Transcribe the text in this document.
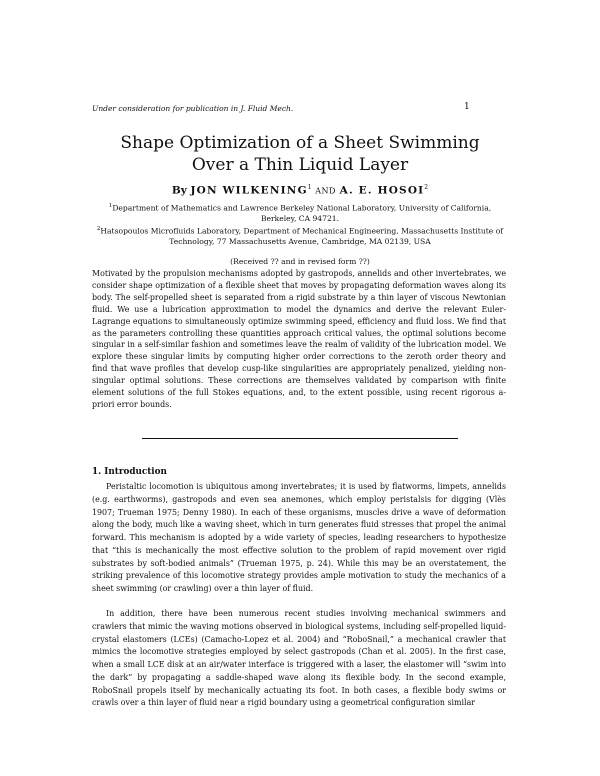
Under consideration for publication in J. Fluid Mech.	1
Shape Optimization of a Sheet Swimming
Over a Thin Liquid Layer
By JON WILKENING$^1$ AND A. E. HOSOI$^2$
$^1$Department of Mathematics and Lawrence Berkeley National Laboratory, University of California, Berkeley, CA 94721.
$^2$Hatsopoulos Microfluids Laboratory, Department of Mechanical Engineering, Massachusetts Institute of Technology, 77 Massachusetts Avenue, Cambridge, MA 02139, USA
(Received ?? and in revised form ??)

Motivated by the propulsion mechanisms adopted by gastropods, annelids and other invertebrates, we consider shape optimization of a flexible sheet that moves by propagating deformation waves along its body. The self-propelled sheet is separated from a rigid substrate by a thin layer of viscous Newtonian fluid. We use a lubrication approximation to model the dynamics and derive the relevant Euler-Lagrange equations to simultaneously optimize swimming speed, efficiency and fluid loss. We find that as the parameters controlling these quantities approach critical values, the optimal solutions become singular in a self-similar fashion and sometimes leave the realm of validity of the lubrication model. We explore these singular limits by computing higher order corrections to the zeroth order theory and find that wave profiles that develop cusp-like singularities are appropriately penalized, yielding non-singular optimal solutions. These corrections are themselves validated by comparison with finite element solutions of the full Stokes equations, and, to the extent possible, using recent rigorous a-priori error bounds.

1. Introduction

Peristaltic locomotion is ubiquitous among invertebrates; it is used by flatworms, limpets, annelids (e.g. earthworms), gastropods and even sea anemones, which employ peristalsis for digging (Vlès 1907; Trueman 1975; Denny 1980). In each of these organisms, muscles drive a wave of deformation along the body, much like a waving sheet, which in turn generates fluid stresses that propel the animal forward. This mechanism is adopted by a wide variety of species, leading researchers to hypothesize that “this is mechanically the most effective solution to the problem of rapid movement over rigid substrates by soft-bodied animals” (Trueman 1975, p. 24). While this may be an overstatement, the striking prevalence of this locomotive strategy provides ample motivation to study the mechanics of a sheet swimming (or crawling) over a thin layer of fluid.

In addition, there have been numerous recent studies involving mechanical swimmers and crawlers that mimic the waving motions observed in biological systems, including self-propelled liquid-crystal elastomers (LCEs) (Camacho-Lopez et al. 2004) and “RoboSnail,” a mechanical crawler that mimics the locomotive strategies employed by select gastropods (Chan et al. 2005). In the first case, when a small LCE disk at an air/water interface is triggered with a laser, the elastomer will “swim into the dark” by propagating a saddle-shaped wave along its flexible body. In the second example, RoboSnail propels itself by mechanically actuating its foot. In both cases, a flexible body swims or crawls over a thin layer of fluid near a rigid boundary using a geometrical configuration similar
